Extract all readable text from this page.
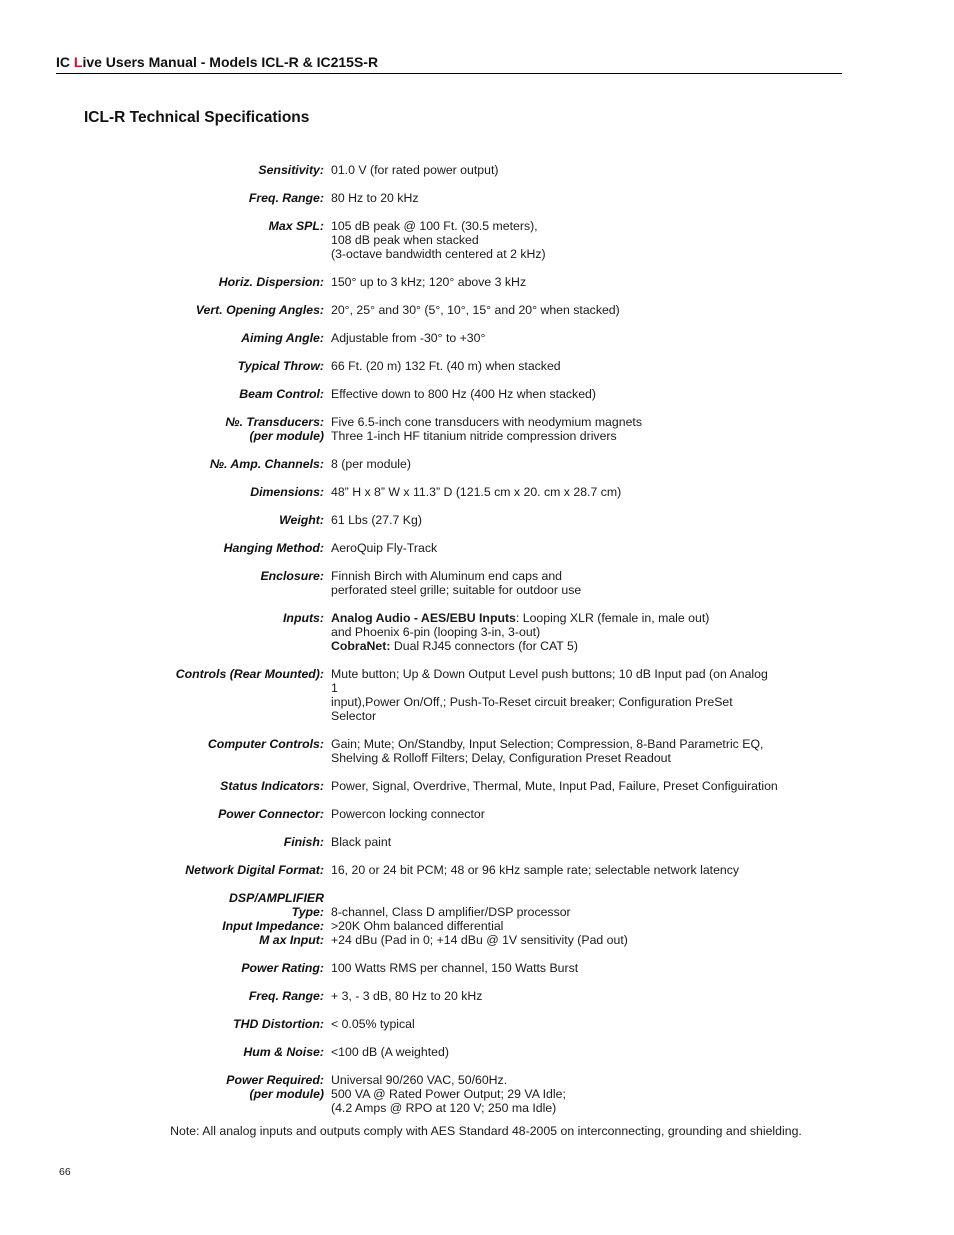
IC Live Users Manual - Models ICL-R & IC215S-R
ICL-R Technical Specifications
Sensitivity: 01.0 V (for rated power output)
Freq. Range: 80 Hz to 20 kHz
Max SPL: 105 dB peak @ 100 Ft. (30.5 meters),
108 dB peak when stacked
(3-octave bandwidth centered at 2 kHz)
Horiz. Dispersion: 150° up to 3 kHz; 120° above 3 kHz
Vert. Opening Angles: 20°, 25° and 30° (5°, 10°, 15° and 20° when stacked)
Aiming Angle: Adjustable from -30° to +30°
Typical Throw: 66 Ft. (20 m) 132 Ft. (40 m) when stacked
Beam Control: Effective down to 800 Hz (400 Hz when stacked)
№. Transducers:
(per module)
Five 6.5-inch cone transducers with neodymium magnets
Three 1-inch HF titanium nitride compression drivers
№. Amp. Channels: 8 (per module)
Dimensions: 48” H x 8” W x 11.3” D (121.5 cm x 20. cm x 28.7 cm)
Weight: 61 Lbs (27.7 Kg)
Hanging Method: AeroQuip Fly-Track
Enclosure: Finnish Birch with Aluminum end caps and
perforated steel grille; suitable for outdoor use
Inputs: Analog Audio - AES/EBU Inputs: Looping XLR (female in, male out)
and Phoenix 6-pin (looping 3-in, 3-out)
CobraNet: Dual RJ45 connectors (for CAT 5)
Controls (Rear Mounted): Mute button; Up & Down Output Level push buttons; 10 dB Input pad (on Analog 1
input),Power On/Off,; Push-To-Reset circuit breaker; Configuration PreSet Selector
Computer Controls: Gain; Mute; On/Standby, Input Selection; Compression, 8-Band Parametric EQ,
Shelving & Rolloff Filters; Delay, Configuration Preset Readout
Status Indicators: Power, Signal, Overdrive, Thermal, Mute, Input Pad, Failure, Preset Configuiration
Power Connector: Powercon locking connector
Finish: Black paint
Network Digital Format: 16, 20 or 24 bit PCM; 48 or 96 kHz sample rate; selectable network latency
DSP/AMPLIFIER
Type:
Input Impedance:
M ax Input:

8-channel, Class D amplifier/DSP processor
>20K Ohm balanced differential
+24 dBu (Pad in 0; +14 dBu @ 1V sensitivity (Pad out)
Power Rating: 100 Watts RMS per channel, 150 Watts Burst
Freq. Range: + 3, - 3 dB, 80 Hz to 20 kHz
THD Distortion: < 0.05% typical
Hum & Noise: <100 dB (A weighted)
Power Required:
(per module)
Universal 90/260 VAC, 50/60Hz.
500 VA @ Rated Power Output; 29 VA Idle;
(4.2 Amps @ RPO at 120 V; 250 ma Idle)
Note: All analog inputs and outputs comply with AES Standard 48-2005 on interconnecting, grounding and shielding.
66
